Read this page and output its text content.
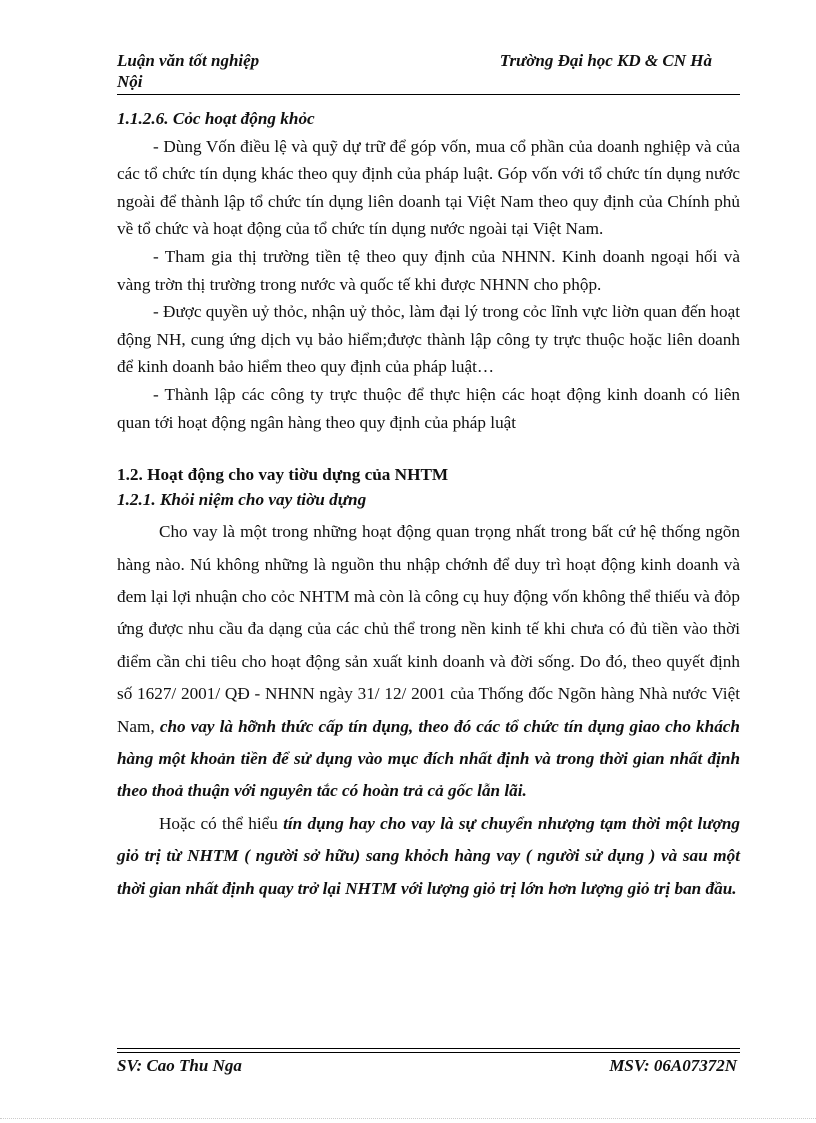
Luận văn tốt nghiệp
Nội
Trường Đại học KD & CN Hà

1.1.2.6. Cỏc hoạt động khỏc

- Dùng Vốn điều lệ và quỹ dự trữ để góp vốn, mua cổ phần của doanh nghiệp và của các tổ chức tín dụng khác theo quy định của pháp luật. Góp vốn với tổ chức tín dụng nước ngoài để thành lập tổ chức tín dụng liên doanh tại Việt Nam theo quy định của Chính phủ về tổ chức và hoạt động của tổ chức tín dụng nước ngoài tại Việt Nam.

- Tham gia thị trường tiền tệ theo quy định của NHNN. Kinh doanh ngoại hối và vàng trờn thị trường trong nước và quốc tế khi được NHNN cho phộp.

- Được quyền uỷ thỏc, nhận uỷ thỏc, làm đại lý trong cỏc lĩnh vực liờn quan đến hoạt động NH, cung ứng dịch vụ bảo hiểm;được thành lập công ty trực thuộc hoặc liên doanh để kinh doanh bảo hiểm theo quy định của pháp luật…

- Thành lập các công ty trực thuộc để thực hiện các hoạt động kinh doanh có liên quan tới hoạt động ngân hàng theo quy định của pháp luật

1.2. Hoạt động cho vay tiờu dựng của NHTM

1.2.1. Khỏi niệm cho vay tiờu dựng

Cho vay là một trong những hoạt động quan trọng nhất trong bất cứ hệ thống ngõn hàng nào. Nú không những là nguồn thu nhập chớnh để duy trì hoạt động kinh doanh và đem lại lợi nhuận cho cỏc NHTM mà còn là công cụ huy động vốn không thể thiếu và đỏp ứng được nhu cầu đa dạng của các chủ thể trong nền kinh tế khi chưa có đủ tiền vào thời điểm cần chi tiêu cho hoạt động sản xuất kinh doanh và đời sống. Do đó, theo quyết định số 1627/ 2001/ QĐ - NHNN ngày 31/ 12/ 2001 của Thống đốc Ngõn hàng Nhà nước Việt Nam, cho vay là hỡnh thức cấp tín dụng, theo đó các tổ chức tín dụng giao cho khách hàng một khoản tiền để sử dụng vào mục đích nhất định và trong thời gian nhất định theo thoả thuận với nguyên tắc có hoàn trả cả gốc lẫn lãi.

Hoặc có thể hiểu tín dụng hay cho vay là sự chuyển nhượng tạm thời một lượng giỏ trị từ NHTM ( người sở hữu) sang khỏch hàng vay ( người sử dụng ) và sau một thời gian nhất định quay trở lại NHTM với lượng giỏ trị lớn hơn lượng giỏ trị ban đầu.

SV: Cao Thu Nga	MSV: 06A07372N
